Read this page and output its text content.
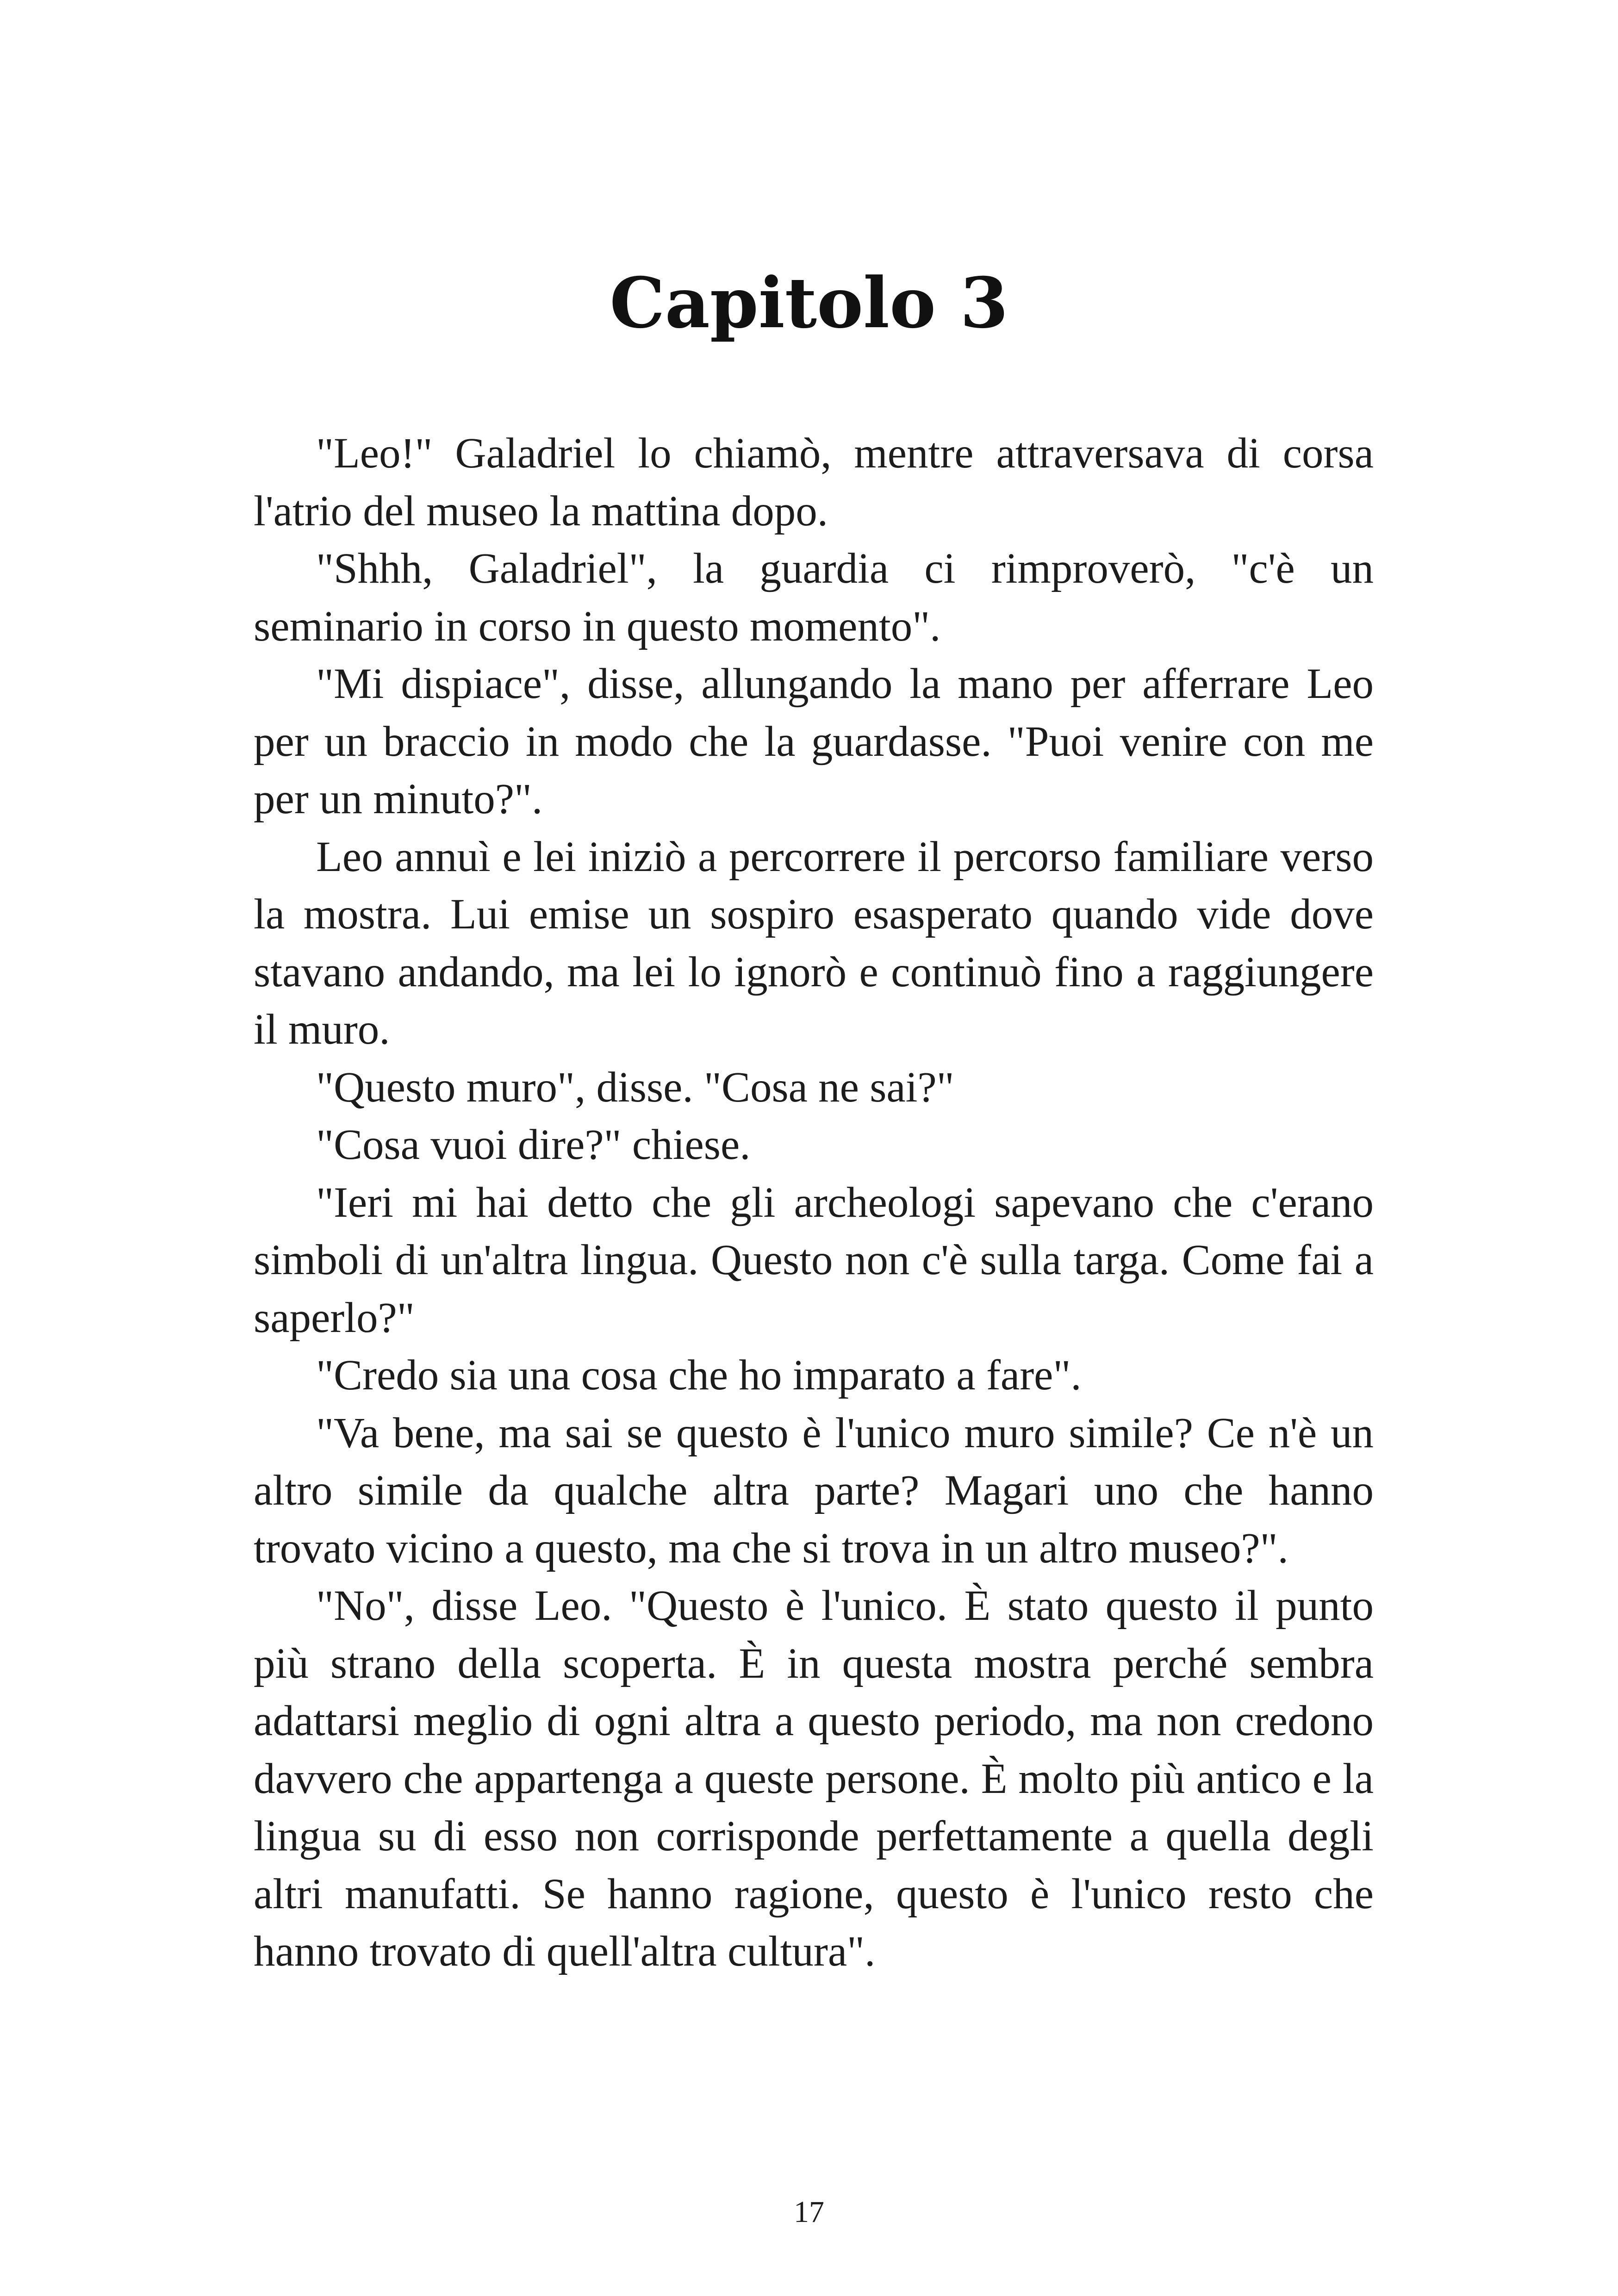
Capitolo 3

"Leo!" Galadriel lo chiamò, mentre attraversava di corsa l'atrio del museo la mattina dopo.

"Shhh, Galadriel", la guardia ci rimproverò, "c'è un seminario in corso in questo momento".

"Mi dispiace", disse, allungando la mano per afferrare Leo per un braccio in modo che la guardasse. "Puoi venire con me per un minuto?".

Leo annuì e lei iniziò a percorrere il percorso familiare verso la mostra. Lui emise un sospiro esasperato quando vide dove stavano andando, ma lei lo ignorò e continuò fino a raggiungere il muro.

"Questo muro", disse. "Cosa ne sai?"

"Cosa vuoi dire?" chiese.

"Ieri mi hai detto che gli archeologi sapevano che c'erano simboli di un'altra lingua. Questo non c'è sulla targa. Come fai a saperlo?"

"Credo sia una cosa che ho imparato a fare".

"Va bene, ma sai se questo è l'unico muro simile? Ce n'è un altro simile da qualche altra parte? Magari uno che hanno trovato vicino a questo, ma che si trova in un altro museo?".

"No", disse Leo. "Questo è l'unico. È stato questo il punto più strano della scoperta. È in questa mostra perché sembra adattarsi meglio di ogni altra a questo periodo, ma non credono davvero che appartenga a queste persone. È molto più antico e la lingua su di esso non corrisponde perfettamente a quella degli altri manufatti. Se hanno ragione, questo è l'unico resto che hanno trovato di quell'altra cultura".

17
